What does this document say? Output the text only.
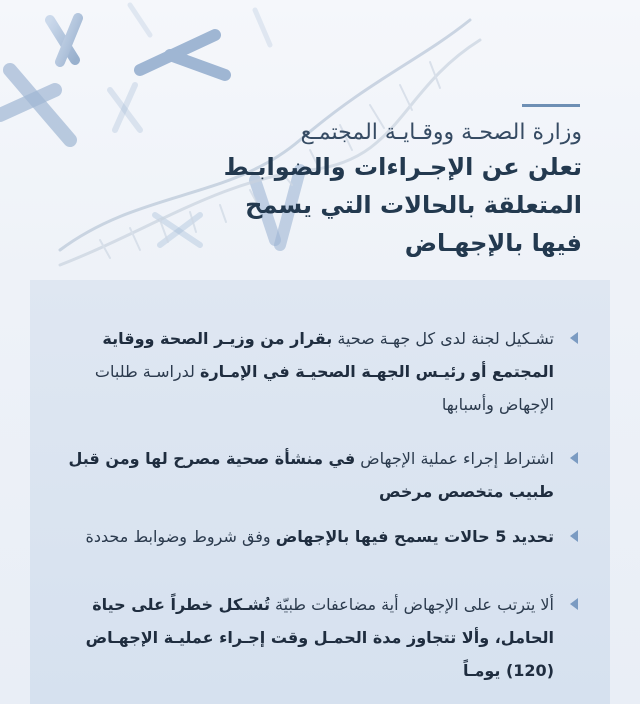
وزارة الصحـة ووقـايـة المجتمـع
تعلن عن الإجـراءات والضوابـط
المتعلقة بالحالات التي يسمح
فيها بالإجهـاض
تشـكيل لجنة لدى كل جهـة صحية بقرار من وزيـر الصحة ووقاية المجتمع أو رئيـس الجهـة الصحيـة في الإمـارة لدراسـة طلبات الإجهاض وأسبابها
اشتراط إجراء عملية الإجهاض في منشأة صحية مصرح لها ومن قبل طبيب متخصص مرخص
تحديد 5 حالات يسمح فيها بالإجهاض وفق شروط وضوابط محددة
ألا يترتب على الإجهاض أية مضاعفات طبيّة تُشـكل خطراً على حياة الحامل، وألا تتجاوز مدة الحمـل وقت إجـراء عمليـة الإجهـاض (120) يومـاً
